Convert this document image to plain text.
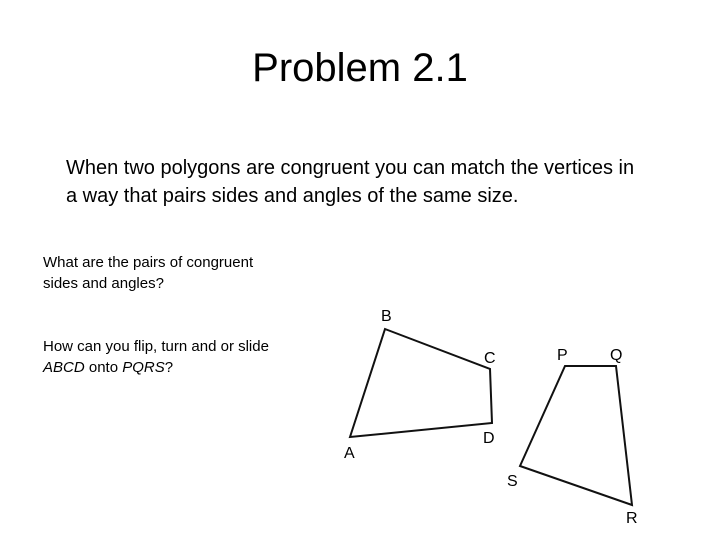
Problem 2.1
When two polygons are congruent you can match the vertices in a way that pairs sides and angles of the same size.
What are the pairs of congruent sides and angles?
How can you flip, turn and or slide ABCD onto PQRS?
B
C
D
A
P	Q
S
R
